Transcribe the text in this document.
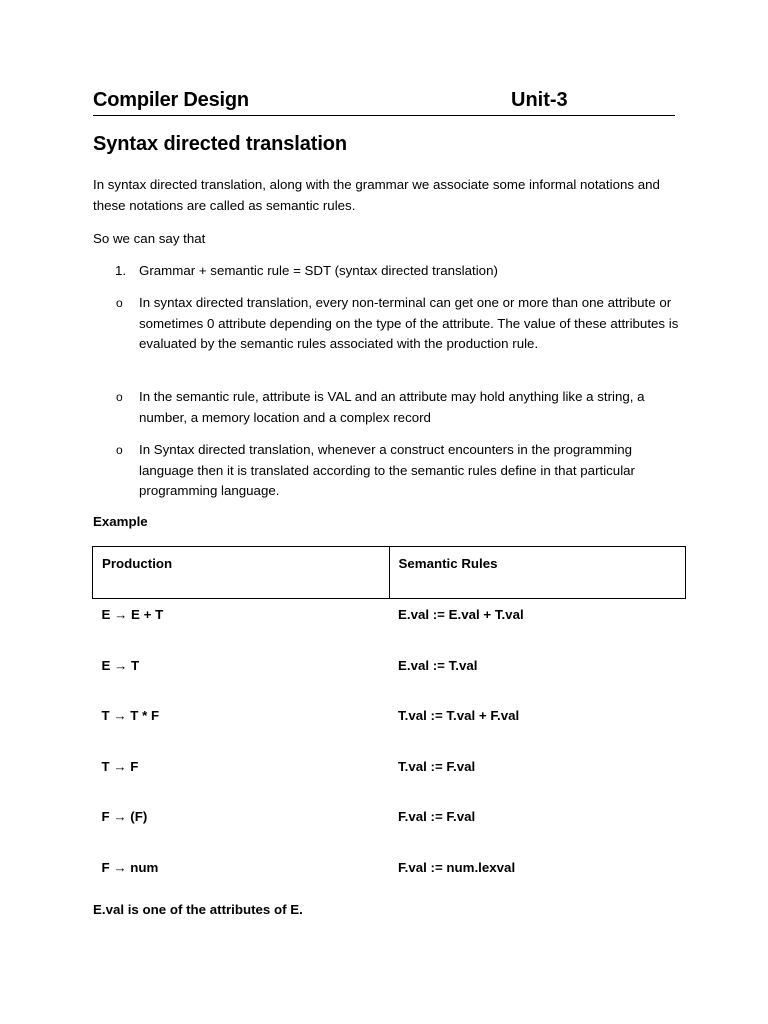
Compiler Design	Unit-3
Syntax directed translation
In syntax directed translation, along with the grammar we associate some informal notations and these notations are called as semantic rules.
So we can say that
1. Grammar + semantic rule = SDT (syntax directed translation)
o	In syntax directed translation, every non-terminal can get one or more than one attribute or sometimes 0 attribute depending on the type of the attribute. The value of these attributes is evaluated by the semantic rules associated with the production rule.
o	In the semantic rule, attribute is VAL and an attribute may hold anything like a string, a number, a memory location and a complex record
o	In Syntax directed translation, whenever a construct encounters in the programming language then it is translated according to the semantic rules define in that particular programming language.
Example
Production	Semantic Rules
E → E + T	E.val := E.val + T.val
E → T	E.val := T.val
T → T * F	T.val := T.val + F.val
T → F	T.val := F.val
F → (F)	F.val := F.val
F → num	F.val := num.lexval
E.val is one of the attributes of E.
